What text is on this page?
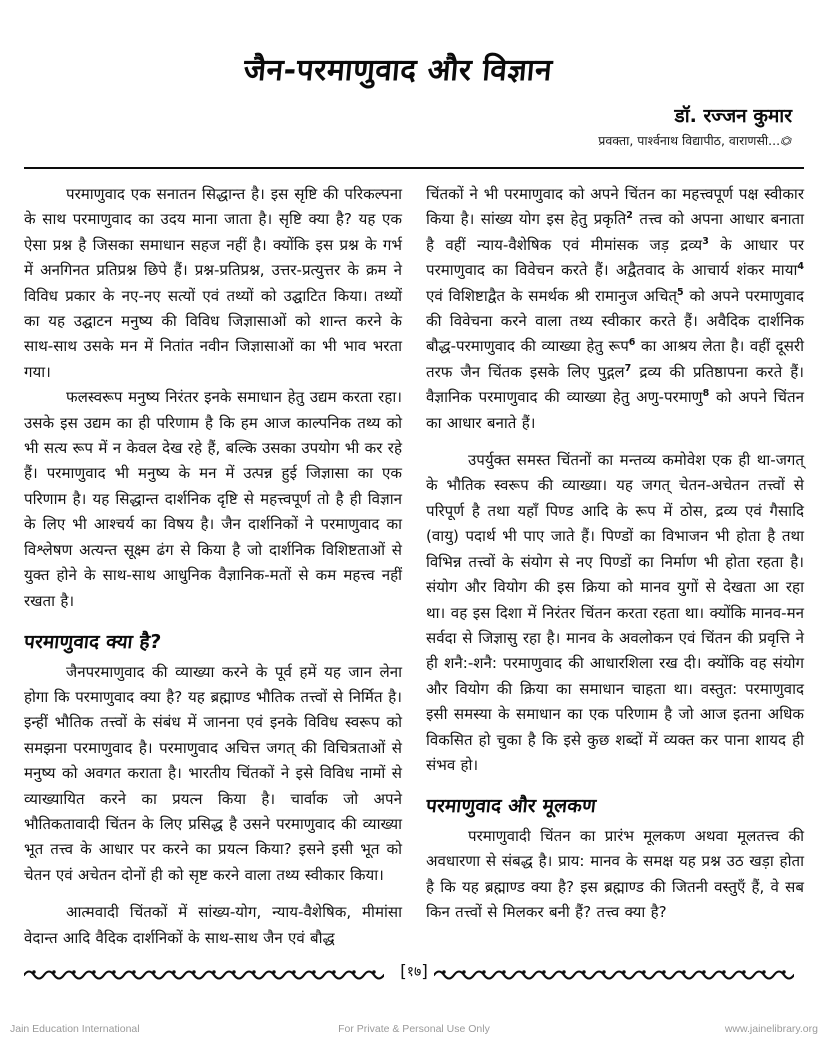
जैन-परमाणुवाद और विज्ञान
डॉ. रज्जन कुमार
प्रवक्ता, पार्श्वनाथ विद्यापीठ, वाराणसी...⏣

परमाणुवाद एक सनातन सिद्धान्त है। इस सृष्टि की परिकल्पना के साथ परमाणुवाद का उदय माना जाता है। सृष्टि क्या है? यह एक ऐसा प्रश्न है जिसका समाधान सहज नहीं है। क्योंकि इस प्रश्न के गर्भ में अनगिनत प्रतिप्रश्न छिपे हैं। प्रश्न-प्रतिप्रश्न, उत्तर-प्रत्युत्तर के क्रम ने विविध प्रकार के नए-नए सत्यों एवं तथ्यों को उद्घाटित किया। तथ्यों का यह उद्घाटन मनुष्य की विविध जिज्ञासाओं को शान्त करने के साथ-साथ उसके मन में नितांत नवीन जिज्ञासाओं का भी भाव भरता गया।

फलस्वरूप मनुष्य निरंतर इनके समाधान हेतु उद्यम करता रहा। उसके इस उद्यम का ही परिणाम है कि हम आज काल्पनिक तथ्य को भी सत्य रूप में न केवल देख रहे हैं, बल्कि उसका उपयोग भी कर रहे हैं। परमाणुवाद भी मनुष्य के मन में उत्पन्न हुई जिज्ञासा का एक परिणाम है। यह सिद्धान्त दार्शनिक दृष्टि से महत्त्वपूर्ण तो है ही विज्ञान के लिए भी आश्चर्य का विषय है। जैन दार्शनिकों ने परमाणुवाद का विश्लेषण अत्यन्त सूक्ष्म ढंग से किया है जो दार्शनिक विशिष्टताओं से युक्त होने के साथ-साथ आधुनिक वैज्ञानिक-मतों से कम महत्त्व नहीं रखता है।

परमाणुवाद क्या है?

जैनपरमाणुवाद की व्याख्या करने के पूर्व हमें यह जान लेना होगा कि परमाणुवाद क्या है? यह ब्रह्माण्ड भौतिक तत्त्वों से निर्मित है। इन्हीं भौतिक तत्त्वों के संबंध में जानना एवं इनके विविध स्वरूप को समझना परमाणुवाद है। परमाणुवाद अचित्त जगत् की विचित्रताओं से मनुष्य को अवगत कराता है। भारतीय चिंतकों ने इसे विविध नामों से व्याख्यायित करने का प्रयत्न किया है। चार्वाक जो अपने भौतिकतावादी चिंतन के लिए प्रसिद्ध है उसने परमाणुवाद की व्याख्या भूत तत्त्व के आधार पर करने का प्रयत्न किया? इसने इसी भूत को चेतन एवं अचेतन दोनों ही को सृष्ट करने वाला तथ्य स्वीकार किया।

आत्मवादी चिंतकों में सांख्य-योग, न्याय-वैशेषिक, मीमांसा वेदान्त आदि वैदिक दार्शनिकों के साथ-साथ जैन एवं बौद्ध

चिंतकों ने भी परमाणुवाद को अपने चिंतन का महत्त्वपूर्ण पक्ष स्वीकार किया है। सांख्य योग इस हेतु प्रकृति$^2$ तत्त्व को अपना आधार बनाता है वहीं न्याय-वैशेषिक एवं मीमांसक जड़ द्रव्य$^3$ के आधार पर परमाणुवाद का विवेचन करते हैं। अद्वैतवाद के आचार्य शंकर माया$^4$ एवं विशिष्टाद्वैत के समर्थक श्री रामानुज अचित्$^5$ को अपने परमाणुवाद की विवेचना करने वाला तथ्य स्वीकार करते हैं। अवैदिक दार्शनिक बौद्ध-परमाणुवाद की व्याख्या हेतु रूप$^6$ का आश्रय लेता है। वहीं दूसरी तरफ जैन चिंतक इसके लिए पुद्गल$^7$ द्रव्य की प्रतिष्ठापना करते हैं। वैज्ञानिक परमाणुवाद की व्याख्या हेतु अणु-परमाणु$^8$ को अपने चिंतन का आधार बनाते हैं।

उपर्युक्त समस्त चिंतनों का मन्तव्य कमोवेश एक ही था-जगत् के भौतिक स्वरूप की व्याख्या। यह जगत् चेतन-अचेतन तत्त्वों से परिपूर्ण है तथा यहाँ पिण्ड आदि के रूप में ठोस, द्रव्य एवं गैसादि (वायु) पदार्थ भी पाए जाते हैं। पिण्डों का विभाजन भी होता है तथा विभिन्न तत्त्वों के संयोग से नए पिण्डों का निर्माण भी होता रहता है। संयोग और वियोग की इस क्रिया को मानव युगों से देखता आ रहा था। वह इस दिशा में निरंतर चिंतन करता रहता था। क्योंकि मानव-मन सर्वदा से जिज्ञासु रहा है। मानव के अवलोकन एवं चिंतन की प्रवृत्ति ने ही शनै:-शनै: परमाणुवाद की आधारशिला रख दी। क्योंकि वह संयोग और वियोग की क्रिया का समाधान चाहता था। वस्तुत: परमाणुवाद इसी समस्या के समाधान का एक परिणाम है जो आज इतना अधिक विकसित हो चुका है कि इसे कुछ शब्दों में व्यक्त कर पाना शायद ही संभव हो।

परमाणुवाद और मूलकण

परमाणुवादी चिंतन का प्रारंभ मूलकण अथवा मूलतत्त्व की अवधारणा से संबद्ध है। प्राय: मानव के समक्ष यह प्रश्न उठ खड़ा होता है कि यह ब्रह्माण्ड क्या है? इस ब्रह्माण्ड की जितनी वस्तुएँ हैं, वे सब किन तत्त्वों से मिलकर बनी हैं? तत्त्व क्या है?

[१७]
Jain Education International	For Private & Personal Use Only	www.jainelibrary.org
